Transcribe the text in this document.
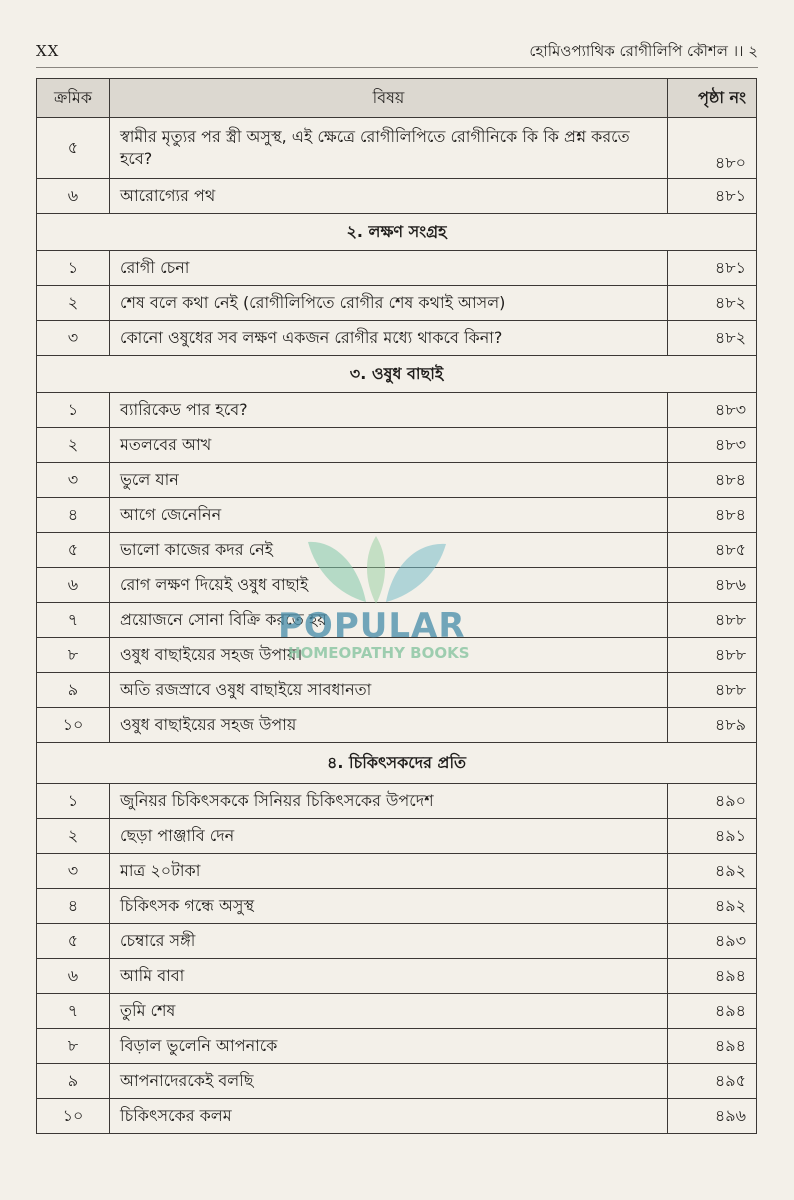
XX	হোমিওপ্যাথিক রোগীলিপি কৌশল ।। ২
ক্রমিক	বিষয়	পৃষ্ঠা নং
৫	স্বামীর মৃত্যুর পর স্ত্রী অসুস্থ, এই ক্ষেত্রে রোগীলিপিতে রোগীনিকে কি কি প্রশ্ন করতে হবে?	৪৮০
৬	আরোগ্যের পথ	৪৮১
২. লক্ষণ সংগ্রহ		
১	রোগী চেনা	৪৮১
২	শেষ বলে কথা নেই (রোগীলিপিতে রোগীর শেষ কথাই আসল)	৪৮২
৩	কোনো ওষুধের সব লক্ষণ একজন রোগীর মধ্যে থাকবে কিনা?	৪৮২
৩. ওষুধ বাছাই		
১	ব্যারিকেড পার হবে?	৪৮৩
২	মতলবের আখ	৪৮৩
৩	ভুলে যান	৪৮৪
৪	আগে জেনেনিন	৪৮৪
৫	ভালো কাজের কদর নেই	৪৮৫
৬	রোগ লক্ষণ দিয়েই ওষুধ বাছাই	৪৮৬
৭	প্রয়োজনে সোনা বিক্রি করতে হয়	৪৮৮
৮	ওষুধ বাছাইয়ের সহজ উপায়।	৪৮৮
৯	অতি রজস্রাবে ওষুধ বাছাইয়ে সাবধানতা	৪৮৮
১০	ওষুধ বাছাইয়ের সহজ উপায়	৪৮৯
৪. চিকিৎসকদের প্রতি		
১	জুনিয়র চিকিৎসককে সিনিয়র চিকিৎসকের উপদেশ	৪৯০
২	ছেড়া পাঞ্জাবি দেন	৪৯১
৩	মাত্র ২০টাকা	৪৯২
৪	চিকিৎসক গন্ধে অসুস্থ	৪৯২
৫	চেম্বারে সঙ্গী	৪৯৩
৬	আমি বাবা	৪৯৪
৭	তুমি শেষ	৪৯৪
৮	বিড়াল ভুলেনি আপনাকে	৪৯৪
৯	আপনাদেরকেই বলছি	৪৯৫
১০	চিকিৎসকের কলম	৪৯৬
POPULAR
HOMEOPATHY BOOKS
